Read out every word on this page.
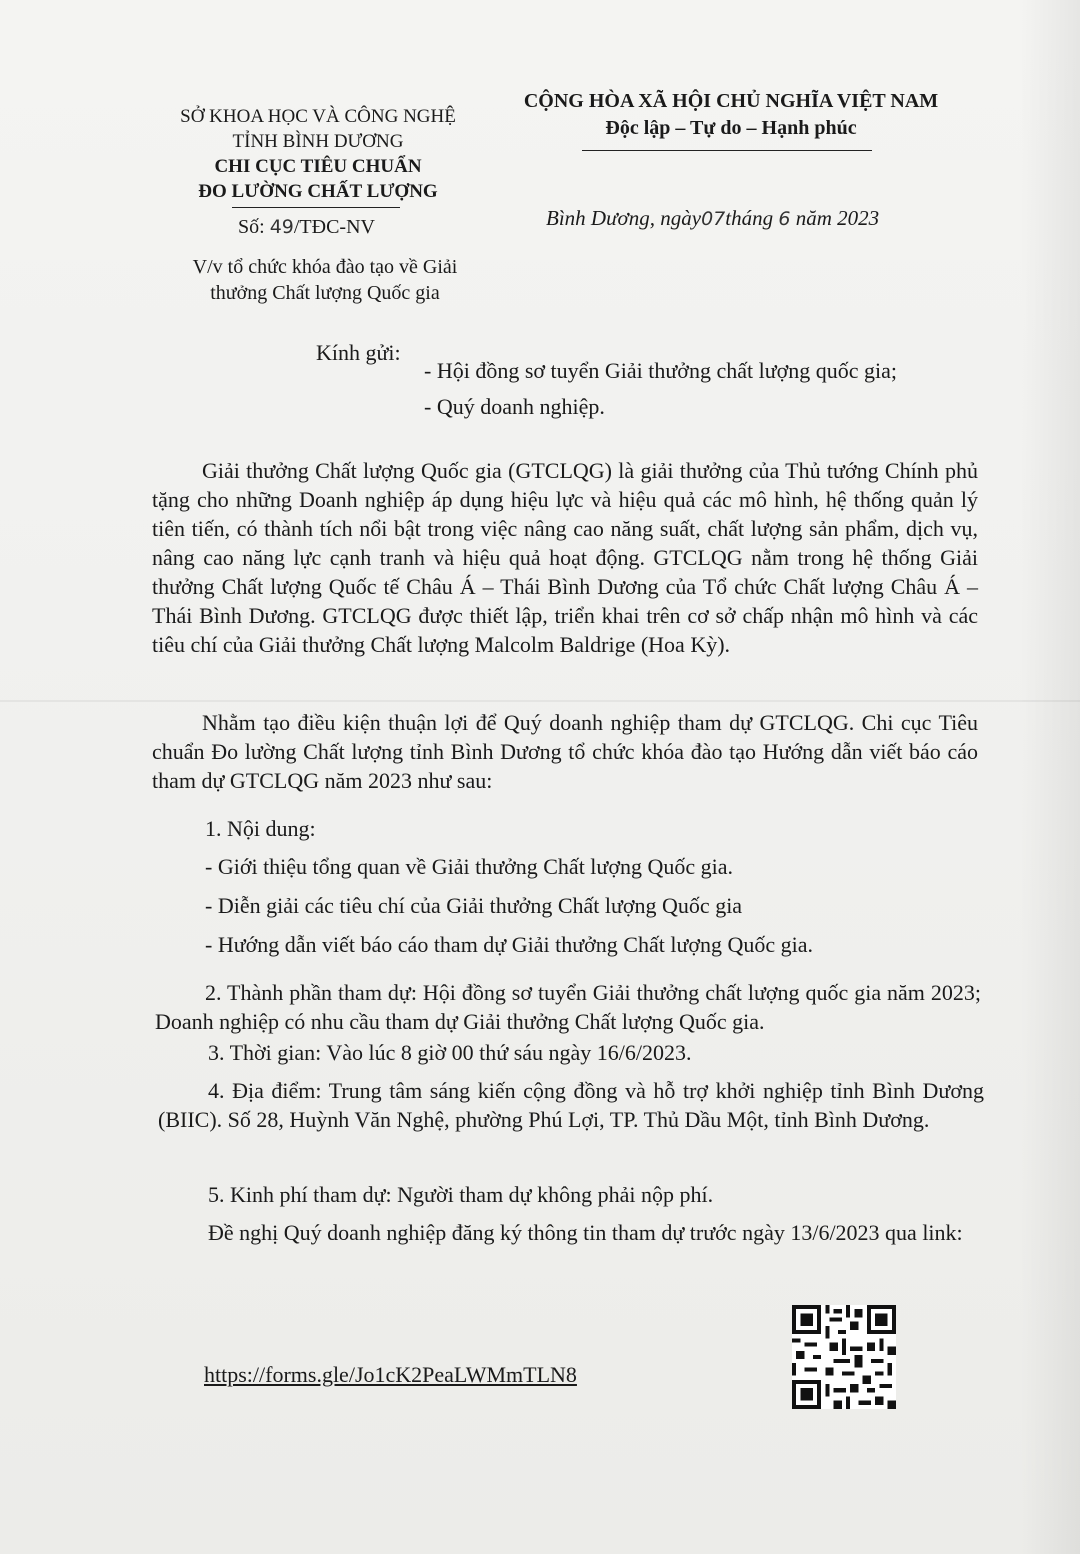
SỞ KHOA HỌC VÀ CÔNG NGHỆ
TỈNH BÌNH DƯƠNG
CHI CỤC TIÊU CHUẨN
ĐO LƯỜNG CHẤT LƯỢNG
CỘNG HÒA XÃ HỘI CHỦ NGHĨA VIỆT NAM
Độc lập – Tự do – Hạnh phúc
Số: 49/TĐC-NV	Bình Dương, ngày07tháng 6 năm 2023
V/v tổ chức khóa đào tạo về Giải
thưởng Chất lượng Quốc gia
Kính gửi:
- Hội đồng sơ tuyển Giải thưởng chất lượng quốc gia;
- Quý doanh nghiệp.
Giải thưởng Chất lượng Quốc gia (GTCLQG) là giải thưởng của Thủ tướng Chính phủ tặng cho những Doanh nghiệp áp dụng hiệu lực và hiệu quả các mô hình, hệ thống quản lý tiên tiến, có thành tích nổi bật trong việc nâng cao năng suất, chất lượng sản phẩm, dịch vụ, nâng cao năng lực cạnh tranh và hiệu quả hoạt động. GTCLQG nằm trong hệ thống Giải thưởng Chất lượng Quốc tế Châu Á – Thái Bình Dương của Tổ chức Chất lượng Châu Á – Thái Bình Dương. GTCLQG được thiết lập, triển khai trên cơ sở chấp nhận mô hình và các tiêu chí của Giải thưởng Chất lượng Malcolm Baldrige (Hoa Kỳ).
Nhằm tạo điều kiện thuận lợi để Quý doanh nghiệp tham dự GTCLQG. Chi cục Tiêu chuẩn Đo lường Chất lượng tỉnh Bình Dương tổ chức khóa đào tạo Hướng dẫn viết báo cáo tham dự GTCLQG năm 2023 như sau:
1. Nội dung:
- Giới thiệu tổng quan về Giải thưởng Chất lượng Quốc gia.
- Diễn giải các tiêu chí của Giải thưởng Chất lượng Quốc gia
- Hướng dẫn viết báo cáo tham dự Giải thưởng Chất lượng Quốc gia.
2. Thành phần tham dự: Hội đồng sơ tuyển Giải thưởng chất lượng quốc gia năm 2023; Doanh nghiệp có nhu cầu tham dự Giải thưởng Chất lượng Quốc gia.
3. Thời gian: Vào lúc 8 giờ 00 thứ sáu ngày 16/6/2023.
4. Địa điểm: Trung tâm sáng kiến cộng đồng và hỗ trợ khởi nghiệp tỉnh Bình Dương (BIIC). Số 28, Huỳnh Văn Nghệ, phường Phú Lợi, TP. Thủ Dầu Một, tỉnh Bình Dương.
5. Kinh phí tham dự: Người tham dự không phải nộp phí.
Đề nghị Quý doanh nghiệp đăng ký thông tin tham dự trước ngày 13/6/2023 qua link:
https://forms.gle/Jo1cK2PeaLWMmTLN8
